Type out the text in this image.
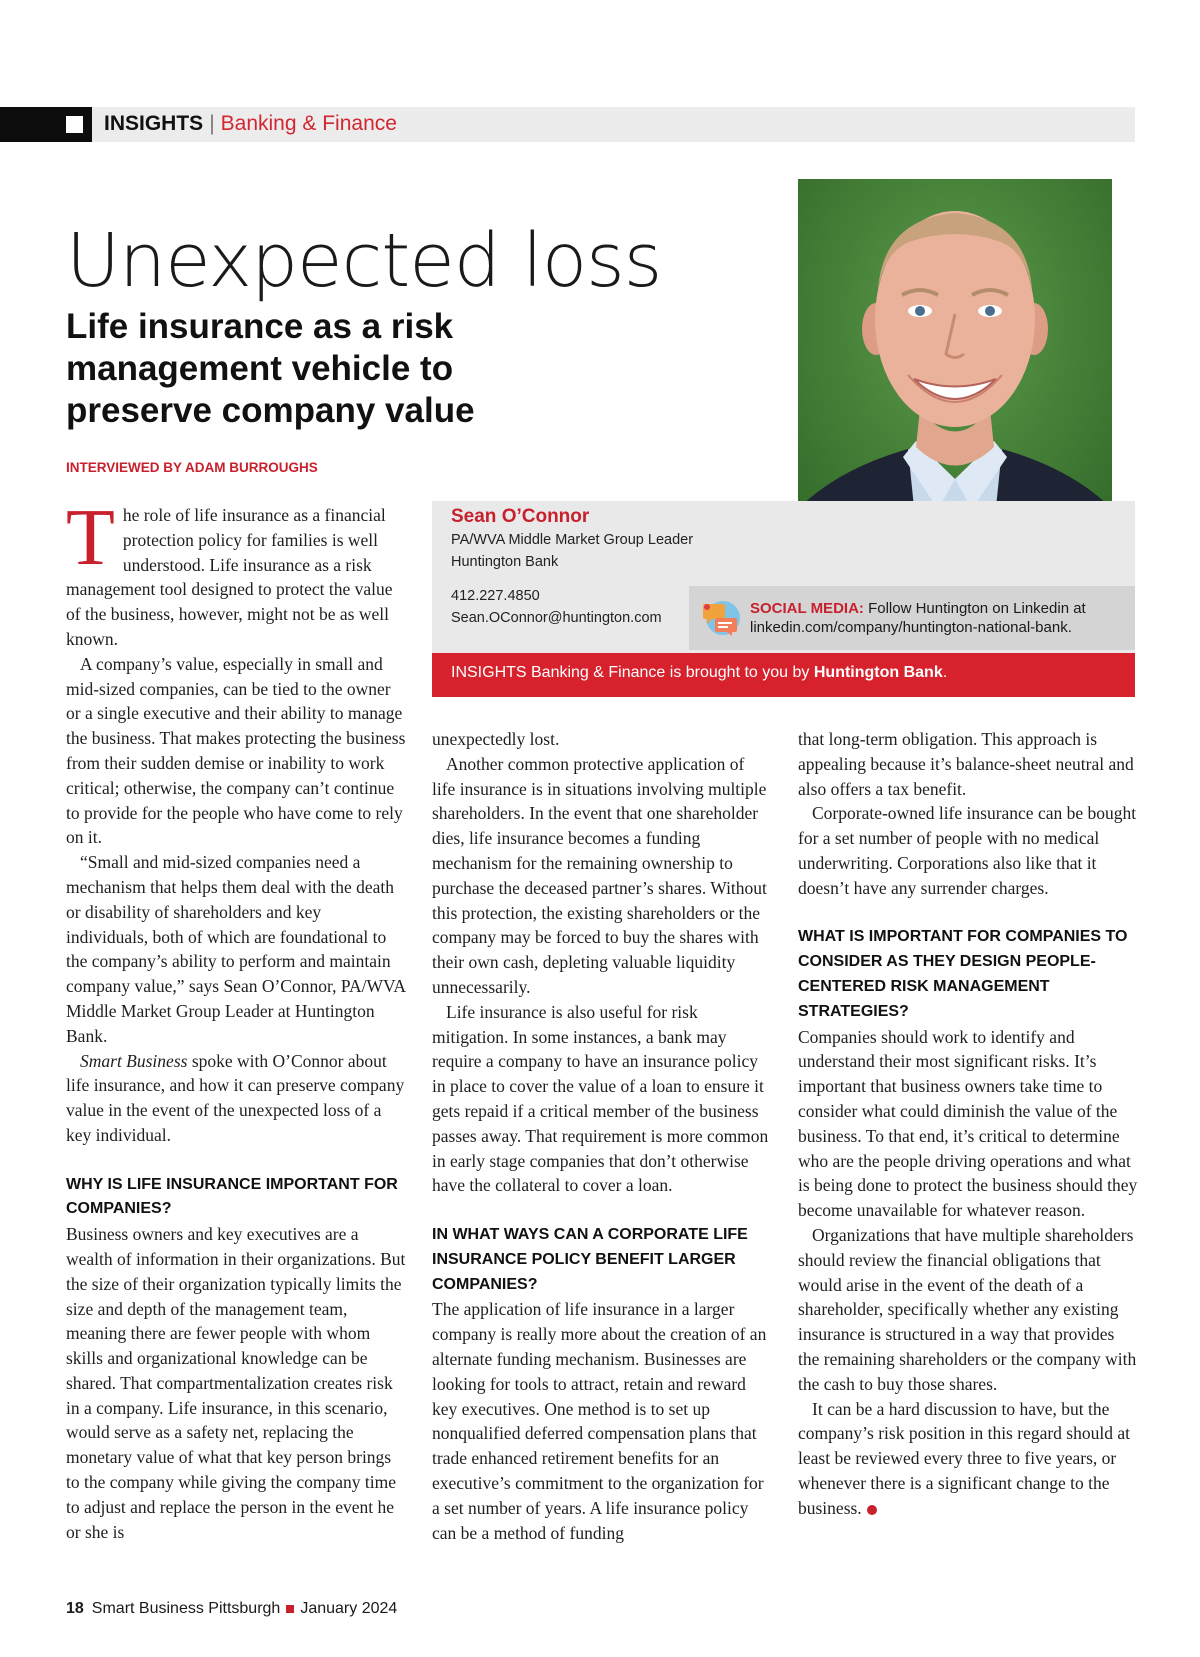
INSIGHTS | Banking & Finance
Unexpected loss
Life insurance as a risk management vehicle to preserve company value
INTERVIEWED BY ADAM BURROUGHS
Sean O’Connor
PA/WVA Middle Market Group Leader
Huntington Bank
412.227.4850
Sean.OConnor@huntington.com
SOCIAL MEDIA: Follow Huntington on Linkedin at
linkedin.com/company/huntington-national-bank.
INSIGHTS Banking & Finance is brought to you by Huntington Bank.

The role of life insurance as a financial protection policy for families is well understood. Life insurance as a risk management tool designed to protect the value of the business, however, might not be as well known.

A company’s value, especially in small and mid-sized companies, can be tied to the owner or a single executive and their ability to manage the business. That makes protecting the business from their sudden demise or inability to work critical; otherwise, the company can’t continue to provide for the people who have come to rely on it.

“Small and mid-sized companies need a mechanism that helps them deal with the death or disability of shareholders and key individuals, both of which are foundational to the company’s ability to perform and maintain company value,” says Sean O’Connor, PA/WVA Middle Market Group Leader at Huntington Bank.

Smart Business spoke with O’Connor about life insurance, and how it can preserve company value in the event of the unexpected loss of a key individual.

WHY IS LIFE INSURANCE IMPORTANT FOR COMPANIES?

Business owners and key executives are a wealth of information in their organizations. But the size of their organization typically limits the size and depth of the management team, meaning there are fewer people with whom skills and organizational knowledge can be shared. That compartmentalization creates risk in a company. Life insurance, in this scenario, would serve as a safety net, replacing the monetary value of what that key person brings to the company while giving the company time to adjust and replace the person in the event he or she is

unexpectedly lost.

Another common protective application of life insurance is in situations involving multiple shareholders. In the event that one shareholder dies, life insurance becomes a funding mechanism for the remaining ownership to purchase the deceased partner’s shares. Without this protection, the existing shareholders or the company may be forced to buy the shares with their own cash, depleting valuable liquidity unnecessarily.

Life insurance is also useful for risk mitigation. In some instances, a bank may require a company to have an insurance policy in place to cover the value of a loan to ensure it gets repaid if a critical member of the business passes away. That requirement is more common in early stage companies that don’t otherwise have the collateral to cover a loan.

IN WHAT WAYS CAN A CORPORATE LIFE INSURANCE POLICY BENEFIT LARGER COMPANIES?

The application of life insurance in a larger company is really more about the creation of an alternate funding mechanism. Businesses are looking for tools to attract, retain and reward key executives. One method is to set up nonqualified deferred compensation plans that trade enhanced retirement benefits for an executive’s commitment to the organization for a set number of years. A life insurance policy can be a method of funding

that long-term obligation. This approach is appealing because it’s balance-sheet neutral and also offers a tax benefit.

Corporate-owned life insurance can be bought for a set number of people with no medical underwriting. Corporations also like that it doesn’t have any surrender charges.

WHAT IS IMPORTANT FOR COMPANIES TO CONSIDER AS THEY DESIGN PEOPLE-CENTERED RISK MANAGEMENT STRATEGIES?

Companies should work to identify and understand their most significant risks. It’s important that business owners take time to consider what could diminish the value of the business. To that end, it’s critical to determine who are the people driving operations and what is being done to protect the business should they become unavailable for whatever reason.

Organizations that have multiple shareholders should review the financial obligations that would arise in the event of the death of a shareholder, specifically whether any existing insurance is structured in a way that provides the remaining shareholders or the company with the cash to buy those shares.

It can be a hard discussion to have, but the company’s risk position in this regard should at least be reviewed every three to five years, or whenever there is a significant change to the business.

18 Smart Business Pittsburgh January 2024
